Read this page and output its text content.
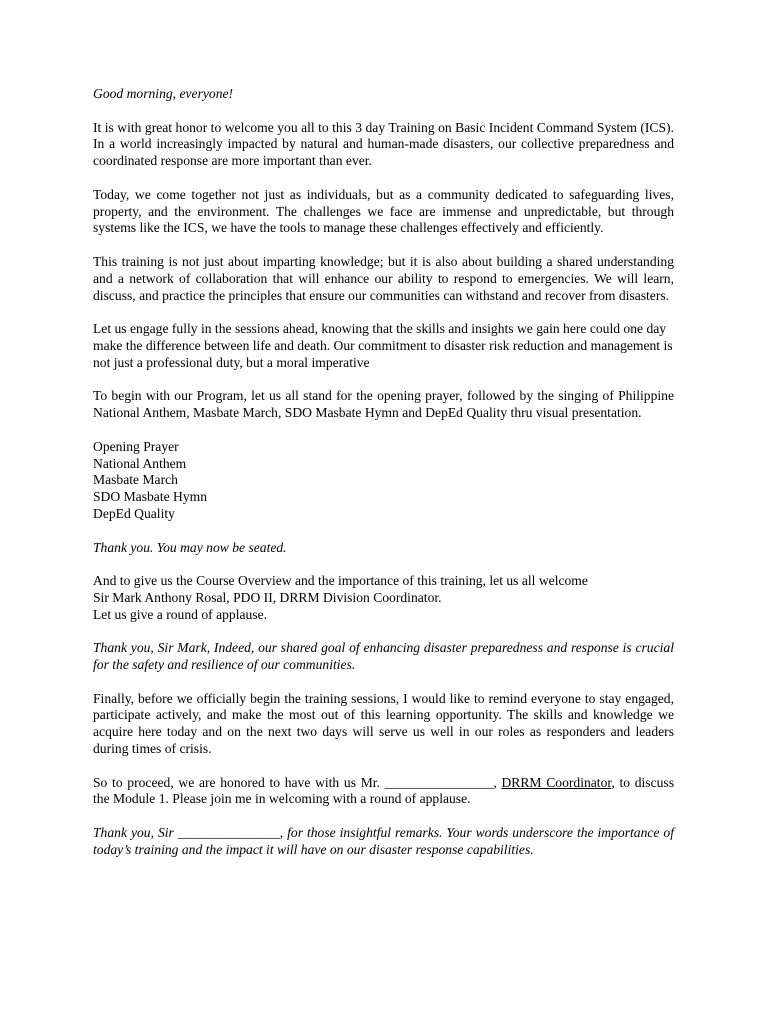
Good morning, everyone!

It is with great honor to welcome you all to this 3 day Training on Basic Incident Command System (ICS). In a world increasingly impacted by natural and human-made disasters, our collective preparedness and coordinated response are more important than ever.

Today, we come together not just as individuals, but as a community dedicated to safeguarding lives, property, and the environment. The challenges we face are immense and unpredictable, but through systems like the ICS, we have the tools to manage these challenges effectively and efficiently.

This training is not just about imparting knowledge; but it is also about building a shared understanding and a network of collaboration that will enhance our ability to respond to emergencies. We will learn, discuss, and practice the principles that ensure our communities can withstand and recover from disasters.

Let us engage fully in the sessions ahead, knowing that the skills and insights we gain here could one day make the difference between life and death. Our commitment to disaster risk reduction and management is not just a professional duty, but a moral imperative

To begin with our Program, let us all stand for the opening prayer, followed by the singing of Philippine National Anthem, Masbate March, SDO Masbate Hymn and DepEd Quality thru visual presentation.

Opening Prayer
National Anthem
Masbate March
SDO Masbate Hymn
DepEd Quality

Thank you. You may now be seated.

And to give us the Course Overview and the importance of this training, let us all welcome
Sir Mark Anthony Rosal, PDO II, DRRM Division Coordinator.
Let us give a round of applause.

Thank you, Sir Mark, Indeed, our shared goal of enhancing disaster preparedness and response is crucial for the safety and resilience of our communities.

Finally, before we officially begin the training sessions, I would like to remind everyone to stay engaged, participate actively, and make the most out of this learning opportunity. The skills and knowledge we acquire here today and on the next two days will serve us well in our roles as responders and leaders during times of crisis.

So to proceed, we are honored to have with us Mr. ________________, DRRM Coordinator, to discuss the Module 1. Please join me in welcoming with a round of applause.

Thank you, Sir _______________, for those insightful remarks. Your words underscore the importance of today’s training and the impact it will have on our disaster response capabilities.
